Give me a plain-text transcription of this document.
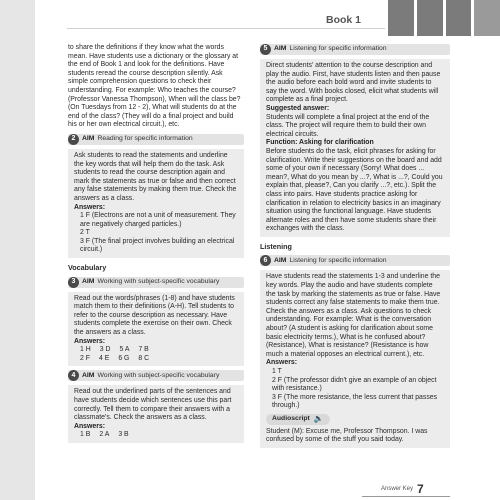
Book 1

to share the definitions if they know what the words mean. Have students use a dictionary or the glossary at the end of Book 1 and look for the definitions. Have students reread the course description silently. Ask simple comprehension questions to check their understanding. For example: Who teaches the course? (Professor Vanessa Thompson), When will the class be? (On Tuesdays from 12 - 2), What will students do at the end of the class? (They will do a final project and build his or her own electrical circuit.), etc.

2 AIM Reading for specific information

Ask students to read the statements and underline the key words that will help them do the task. Ask students to read the course description again and mark the statements as true or false and then correct any false statements by making them true. Check the answers as a class.

Answers:

1 F (Electrons are not a unit of measurement. They are negatively charged particles.)

2 T

3 F (The final project involves building an electrical circuit.)

Vocabulary
3 AIM Working with subject-specific vocabulary

Read out the words/phrases (1-8) and have students match them to their definitions (A-H). Tell students to refer to the course description as necessary. Have students complete the exercise on their own. Check the answers as a class.

Answers:

1 H 3 D 5 A 7 B
2 F 4 E 6 G 8 C
4 AIM Working with subject-specific vocabulary

Read out the underlined parts of the sentences and have students decide which sentences use this part correctly. Tell them to compare their answers with a classmate's. Check the answers as a class.

Answers:

1 B 2 A 3 B
5 AIM Listening for specific information

Direct students' attention to the course description and play the audio. First, have students listen and then pause the audio before each bold word and invite students to say the word. With books closed, elicit what students will complete as a final project.

Suggested answer:

Students will complete a final project at the end of the class. The project will require them to build their own electrical circuits.

Function: Asking for clarification

Before students do the task, elicit phrases for asking for clarification. Write their suggestions on the board and add some of your own if necessary (Sorry! What does ... mean?, What do you mean by ...?, What is ...?, Could you explain that, please?, Can you clarify ...?, etc.). Split the class into pairs. Have students practice asking for clarification in relation to electricity basics in an imaginary situation using the functional language. Have students alternate roles and then have some students share their exchanges with the class.

Listening
6 AIM Listening for specific information

Have students read the statements 1-3 and underline the key words. Play the audio and have students complete the task by marking the statements as true or false. Have students correct any false statements to make them true. Check the answers as a class. Ask questions to check understanding. For example: What is the conversation about? (A student is asking for clarification about some basic electricity terms.), What is he confused about? (Resistance), What is resistance? (Resistance is how much a material opposes an electrical current.), etc.

Answers:

1 T

2 F (The professor didn't give an example of an object with resistance.)

3 F (The more resistance, the less current that passes through.)

Audioscript 🔈

Student (M): Excuse me, Professor Thompson. I was confused by some of the stuff you said today.

Answer Key 7
